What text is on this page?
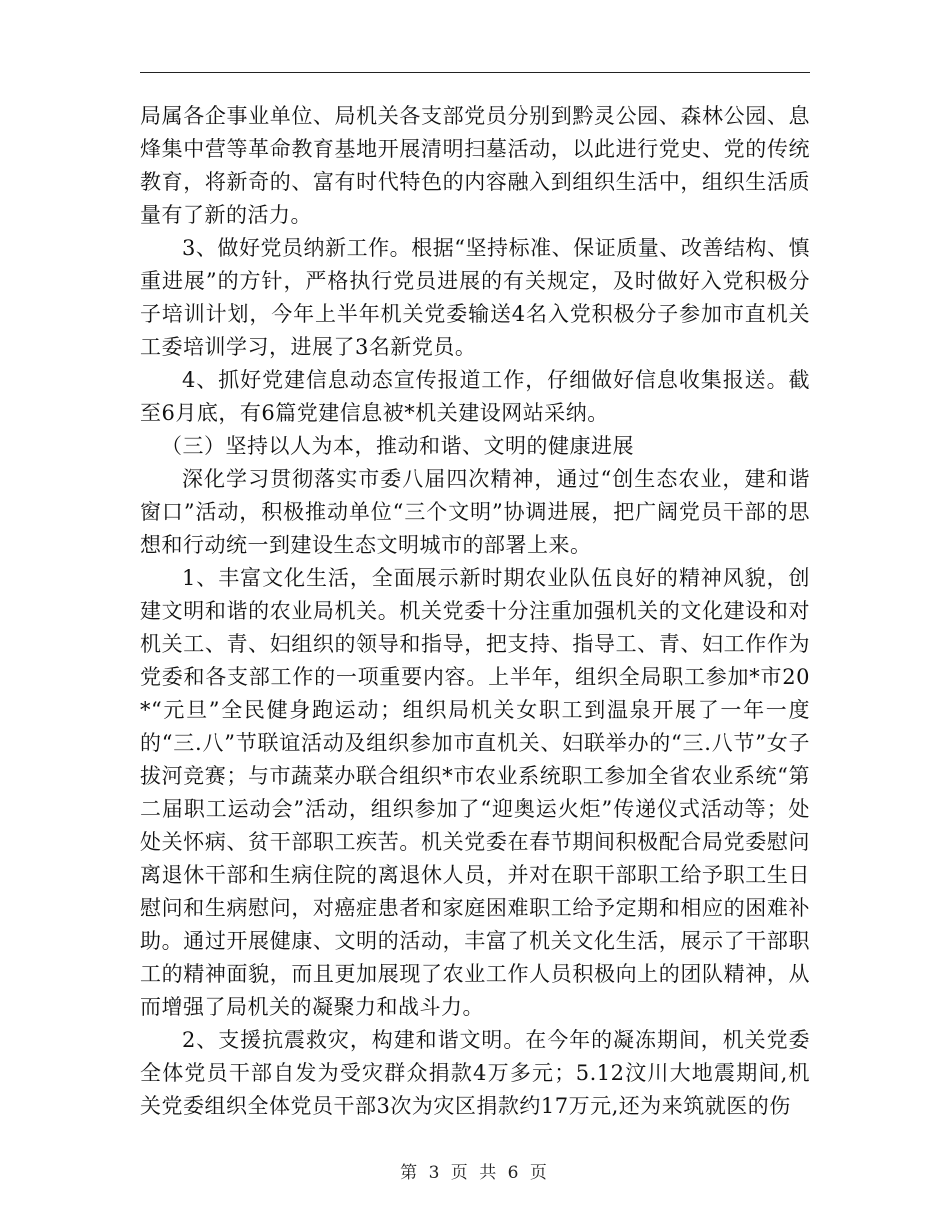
局属各企事业单位、局机关各支部党员分别到黔灵公园、森林公园、息烽集中营等革命教育基地开展清明扫墓活动，以此进行党史、党的传统教育，将新奇的、富有时代特色的内容融入到组织生活中，组织生活质量有了新的活力。

3、做好党员纳新工作。根据“坚持标准、保证质量、改善结构、慎重进展”的方针，严格执行党员进展的有关规定，及时做好入党积极分子培训计划，今年上半年机关党委输送4名入党积极分子参加市直机关工委培训学习，进展了3名新党员。

4、抓好党建信息动态宣传报道工作，仔细做好信息收集报送。截至6月底，有6篇党建信息被*机关建设网站采纳。

（三）坚持以人为本，推动和谐、文明的健康进展

深化学习贯彻落实市委八届四次精神，通过“创生态农业，建和谐窗口”活动，积极推动单位“三个文明”协调进展，把广阔党员干部的思想和行动统一到建设生态文明城市的部署上来。

1、丰富文化生活，全面展示新时期农业队伍良好的精神风貌，创建文明和谐的农业局机关。机关党委十分注重加强机关的文化建设和对机关工、青、妇组织的领导和指导，把支持、指导工、青、妇工作作为党委和各支部工作的一项重要内容。上半年，组织全局职工参加*市20*“元旦”全民健身跑运动；组织局机关女职工到温泉开展了一年一度的“三.八”节联谊活动及组织参加市直机关、妇联举办的“三.八节”女子拔河竞赛；与市蔬菜办联合组织*市农业系统职工参加全省农业系统“第二届职工运动会”活动，组织参加了“迎奥运火炬”传递仪式活动等；处处关怀病、贫干部职工疾苦。机关党委在春节期间积极配合局党委慰问离退休干部和生病住院的离退休人员，并对在职干部职工给予职工生日慰问和生病慰问，对癌症患者和家庭困难职工给予定期和相应的困难补助。通过开展健康、文明的活动，丰富了机关文化生活，展示了干部职工的精神面貌，而且更加展现了农业工作人员积极向上的团队精神，从而增强了局机关的凝聚力和战斗力。

2、支援抗震救灾，构建和谐文明。在今年的凝冻期间，机关党委全体党员干部自发为受灾群众捐款4万多元；5.12汶川大地震期间,机关党委组织全体党员干部3次为灾区捐款约17万元,还为来筑就医的伤

第 3 页 共 6 页
